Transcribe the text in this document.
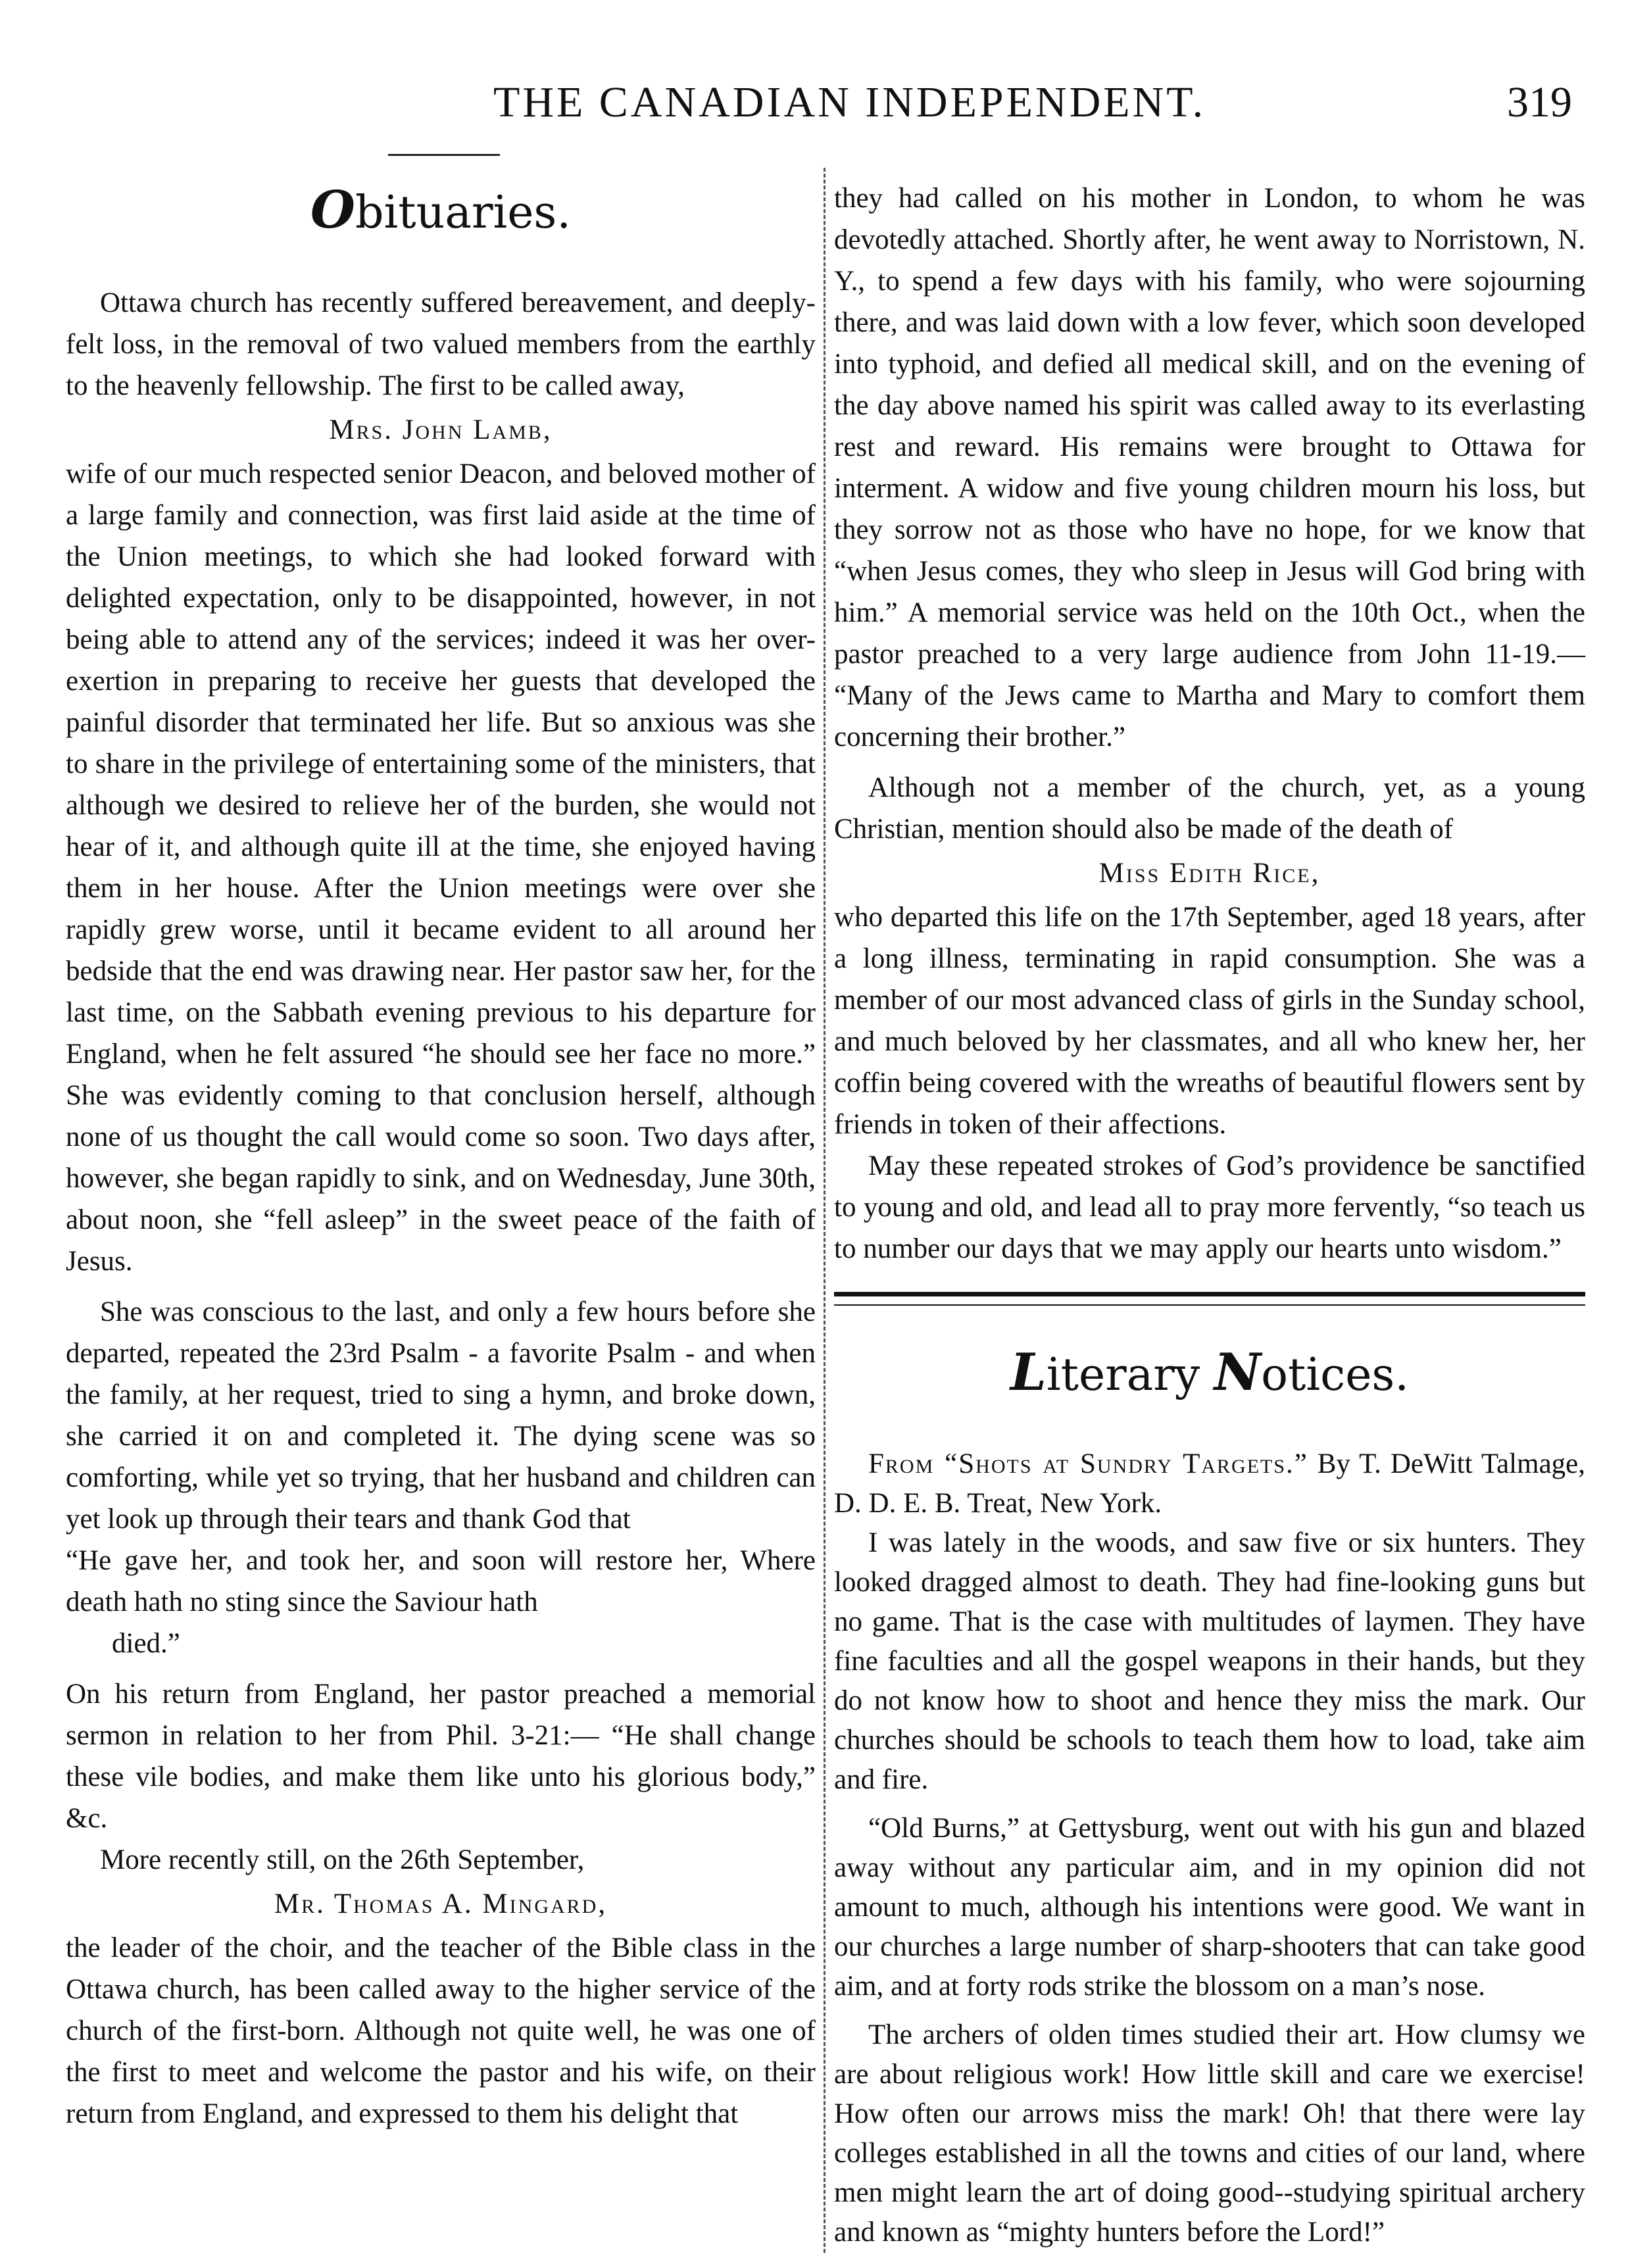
THE CANADIAN INDEPENDENT.	319
Obituaries.

Ottawa church has recently suffered bereavement, and deeply-felt loss, in the removal of two valued members from the earthly to the heavenly fellowship. The first to be called away,

Mrs. John Lamb,

wife of our much respected senior Deacon, and beloved mother of a large family and connection, was first laid aside at the time of the Union meetings, to which she had looked forward with delighted expectation, only to be disappointed, however, in not being able to attend any of the services; indeed it was her over-exertion in preparing to receive her guests that developed the painful disorder that terminated her life. But so anxious was she to share in the privilege of entertaining some of the ministers, that although we desired to relieve her of the burden, she would not hear of it, and although quite ill at the time, she enjoyed having them in her house. After the Union meetings were over she rapidly grew worse, until it became evident to all around her bedside that the end was drawing near. Her pastor saw her, for the last time, on the Sabbath evening previous to his departure for England, when he felt assured “he should see her face no more.” She was evidently coming to that conclusion herself, although none of us thought the call would come so soon. Two days after, however, she began rapidly to sink, and on Wednesday, June 30th, about noon, she “fell asleep” in the sweet peace of the faith of Jesus.

She was conscious to the last, and only a few hours before she departed, repeated the 23rd Psalm - a favorite Psalm - and when the family, at her request, tried to sing a hymn, and broke down, she carried it on and completed it. The dying scene was so comforting, while yet so trying, that her husband and children can yet look up through their tears and thank God that

“He gave her, and took her, and soon will restore her, Where death hath no sting since the Saviour hath
died.”

On his return from England, her pastor preached a memorial sermon in relation to her from Phil. 3-21:— “He shall change these vile bodies, and make them like unto his glorious body,” &c.

More recently still, on the 26th September,

Mr. Thomas A. Mingard,

the leader of the choir, and the teacher of the Bible class in the Ottawa church, has been called away to the higher service of the church of the first-born. Although not quite well, he was one of the first to meet and welcome the pastor and his wife, on their return from England, and expressed to them his delight that

they had called on his mother in London, to whom he was devotedly attached. Shortly after, he went away to Norristown, N. Y., to spend a few days with his family, who were sojourning there, and was laid down with a low fever, which soon developed into typhoid, and defied all medical skill, and on the evening of the day above named his spirit was called away to its everlasting rest and reward. His remains were brought to Ottawa for interment. A widow and five young children mourn his loss, but they sorrow not as those who have no hope, for we know that “when Jesus comes, they who sleep in Jesus will God bring with him.” A memorial service was held on the 10th Oct., when the pastor preached to a very large audience from John 11-19.— “Many of the Jews came to Martha and Mary to comfort them concerning their brother.”

Although not a member of the church, yet, as a young Christian, mention should also be made of the death of

Miss Edith Rice,

who departed this life on the 17th September, aged 18 years, after a long illness, terminating in rapid consumption. She was a member of our most advanced class of girls in the Sunday school, and much beloved by her classmates, and all who knew her, her coffin being covered with the wreaths of beautiful flowers sent by friends in token of their affections.

May these repeated strokes of God’s providence be sanctified to young and old, and lead all to pray more fervently, “so teach us to number our days that we may apply our hearts unto wisdom.”

Literary Notices.

From “Shots at Sundry Targets.” By T. DeWitt Talmage, D. D. E. B. Treat, New York.

I was lately in the woods, and saw five or six hunters. They looked dragged almost to death. They had fine-looking guns but no game. That is the case with multitudes of laymen. They have fine faculties and all the gospel weapons in their hands, but they do not know how to shoot and hence they miss the mark. Our churches should be schools to teach them how to load, take aim and fire.

“Old Burns,” at Gettysburg, went out with his gun and blazed away without any particular aim, and in my opinion did not amount to much, although his intentions were good. We want in our churches a large number of sharp-shooters that can take good aim, and at forty rods strike the blossom on a man’s nose.

The archers of olden times studied their art. How clumsy we are about religious work! How little skill and care we exercise! How often our arrows miss the mark! Oh! that there were lay colleges established in all the towns and cities of our land, where men might learn the art of doing good--studying spiritual archery and known as “mighty hunters before the Lord!”
